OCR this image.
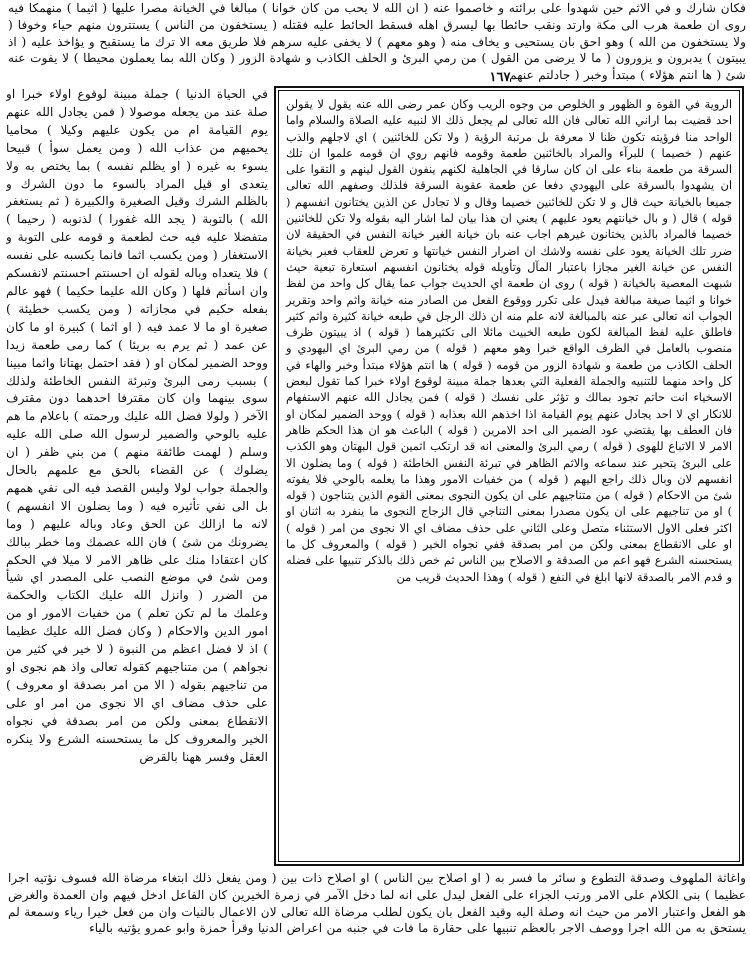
فكان شارك و في الاثم حين شهدوا على برائته و خاصموا عنه ( ان الله لا يحب من كان خوانا ) مبالغا في الخيانة مصرا عليها ( اثيما ) منهمكا فيه روى ان طعمة هرب الى مكة وارتد ونقب حائطا بها ليسرق اهله فسقط الحائط عليه فقتله ( يستخفون من الناس ) يستترون منهم حياء وخوفا ( ولا يستخفون من الله ) وهو احق بان يستحيى و يخاف منه ( وهو معهم ) لا يخفى عليه سرهم فلا طريق معه الا ترك ما يستقبح و يؤاخذ عليه ( اذ يبيتون ) يدبرون و يزورون ( ما لا يرضى من القول ) من رمي البرئ و الحلف الكاذب و شهادة الزور ( وكان الله بما يعملون محيطا ) لا يفوت عنه شئ ( ها انتم هؤلاء ) مبتدأ وخبر ( جادلتم عنهم

١٦٧

في الحياة الدنيا ) جملة مبينة لوقوع اولاء خبرا او صلة عند من يجعله موصولا ( فمن يجادل الله عنهم يوم القيامة ام من يكون عليهم وكيلا ) محاميا يحميهم من عذاب الله ( ومن يعمل سوأ ) قبيحا يسوء به غيره ( او يظلم نفسه ) بما يختص به ولا يتعدى او قيل المراد بالسوء ما دون الشرك و بالظلم الشرك وقيل الصغيرة والكبيرة ( ثم يستغفر الله ) بالتوبة ( يجد الله غفورا ) لذنوبه ( رحيما ) متفضلا عليه فيه حث لطعمة و قومه على التوبة و الاستغفار ( ومن يكسب اثما فانما يكسبه على نفسه ) فلا يتعداه وباله لقوله ان احسنتم احسنتم لانفسكم وان اسأتم فلها ( وكان الله عليما حكيما ) فهو عالم بفعله حكيم في مجازاته ( ومن يكسب خطيئة ) صغيرة او ما لا عمد فيه ( او اثما ) كبيرة او ما كان عن عمد ( ثم يرم به بريئا ) كما رمى طعمة زيدا ووحد الضمير لمكان او ( فقد احتمل بهتانا واثما مبينا ) بسبب رمى البرئ وتبرئة النفس الخاطئة ولذلك سوى بينهما وان كان مقترفا احدهما دون مقترف الآخر ( ولولا فضل الله عليك ورحمته ) باعلام ما هم عليه بالوحي والضمير لرسول الله صلى الله عليه وسلم ( لهمت طائفة منهم ) من بني ظفر ( ان يضلوك ) عن القضاء بالحق مع علمهم بالحال والجملة جواب لولا وليس القصد فيه الى نفي همهم بل الى نفي تأثيره فيه ( وما يضلون الا انفسهم ) لانه ما ازالك عن الحق وعاد وباله عليهم ( وما يضرونك من شئ ) فان الله عصمك وما خطر ببالك كان اعتقادا منك على ظاهر الامر لا ميلا في الحكم ومن شئ في موضع النصب على المصدر اي شيأ من الضرر ( وانزل الله عليك الكتاب والحكمة وعلمك ما لم تكن تعلم ) من خفيات الامور او من امور الدين والاحكام ( وكان فضل الله عليك عظيما ) اذ لا فضل اعظم من النبوة ( لا خير في كثير من نجواهم ) من متناجيهم كقوله تعالى واذ هم نجوى او من تناجيهم بقوله ( الا من امر بصدقة او معروف ) على حذف مضاف اي الا نجوى من امر او على الانقطاع بمعنى ولكن من امر بصدقة في نجواه الخير والمعروف كل ما يستحسنه الشرع ولا ينكره العقل وفسر ههنا بالقرض

الروية في القوة و الظهور و الخلوص من وجوه الريب وكان عمر رضى الله عنه يقول لا يقولن احد قضيت بما اراني الله تعالى فان الله تعالى لم يجعل ذلك الا لنبيه عليه الصلاة والسلام واما الواحد منا فرؤيته تكون ظنا لا معرفة بل مرتبة الرؤية ( ولا تكن للخائنين ) اي لاجلهم والذب عنهم ( خصيما ) للبرآء والمراد بالخائنين طعمة وقومه فانهم روي ان قومه علموا ان تلك السرقة من طعمة بناء على ان كان سارقا في الجاهلية لكنهم ينفون القول لينهم و التقوا على ان يشهدوا بالسرقة على اليهودي دفعا عن طعمة عقوبة السرقة فلذلك وصفهم الله تعالى جميعا بالخيانة حيث قال و لا تكن للخائنين خصيما وقال و لا تجادل عن الذين يختانون انفسهم ( قوله ) قال ( و بال خيانتهم يعود عليهم ) يعني ان هذا بيان لما اشار اليه بقوله ولا تكن للخائنين خصيما فالمراد بالذين يختانون غيرهم اجاب عنه بان خيانة الغير خيانة النفس في الحقيقة لان ضرر تلك الخيانة يعود على نفسه ولاشك ان اضرار النفس خيانتها و تعرض للعقاب فعبر بخيانة النفس عن خيانة الغير مجازا باعتبار المآل وتأويله قوله يختانون انفسهم استعارة تبعية حيث شبهت المعصية بالخيانة ( قوله ) روى ان طعمة اي الحديث جواب عما يقال كل واحد من لفظ خوانا و اثيما صيغة مبالغة فيدل على تكرر ووقوع الفعل من الصادر منه خيانة واثم واحد وتقرير الجواب انه تعالى عبر عنه بالمبالغة لانه علم منه ان ذلك الرجل في طبعه خيانة كثيرة واثم كثير فاطلق عليه لفظ المبالغة لكون طبعه الخبيث مائلا الى تكثيرهما ( قوله ) اذ يبيتون ظرف منصوب بالعامل في الظرف الواقع خبرا وهو معهم ( قوله ) من رمي البرئ اي اليهودي و الحلف الكاذب من طعمة و شهادة الزور من قومه ( قوله ) ها انتم هؤلاء مبتدأ وخبر والهاء في كل واحد منهما للتنبيه والجملة الفعلية التي بعدها جملة مبينة لوقوع اولاء خبرا كما تقول لبعض الاسخياء انت حاتم تجود بمالك و تؤثر على نفسك ( قوله ) فمن يجادل الله عنهم الاستفهام للانكار اي لا احد يجادل عنهم يوم القيامة اذا اخذهم الله بعذابه ( قوله ) ووحد الضمير لمكان او فان العطف بها يقتضي عود الضمير الى احد الامرين ( قوله ) الباعث هو ان هذا الحكم ظاهر الامر لا الاتباع للهوى ( قوله ) رمي البرئ والمعنى انه قد ارتكب اثمين قول البهتان وهو الكذب على البرئ يتحير عند سماعه والاثم الظاهر في تبرئة النفس الخاطئة ( قوله ) وما يضلون الا انفسهم لان وبال ذلك راجع اليهم ( قوله ) من خفيات الامور وهذا ما يعلمه بالوحي فلا يفوته شئ من الاحكام ( قوله ) من متناجيهم على ان يكون النجوى بمعنى القوم الذين يتناجون ( قوله ) او من تناجيهم على ان يكون مصدرا بمعنى التناجي قال الزجاج النجوى ما ينفرد به اثنان او اكثر فعلى الاول الاستثناء متصل وعلى الثاني على حذف مضاف اي الا نجوى من امر ( قوله ) او على الانقطاع بمعنى ولكن من امر بصدقة ففي نجواه الخير ( قوله ) والمعروف كل ما يستحسنه الشرع فهو اعم من الصدقة و الاصلاح بين الناس ثم خص ذلك بالذكر تنبيها على فضله و قدم الامر بالصدقة لانها ابلغ في النفع ( قوله ) وهذا الحديث قريب من

واغاثة الملهوف وصدقة التطوع و سائر ما فسر به ( او اصلاح بين الناس ) او اصلاح ذات بين ( ومن يفعل ذلك ابتغاء مرضاة الله فسوف نؤتيه اجرا عظيما ) بنى الكلام على الامر ورتب الجزاء على الفعل ليدل على انه لما دخل الآمر في زمرة الخيرين كان الفاعل ادخل فيهم وان العمدة والغرض هو الفعل واعتبار الامر من حيث انه وصلة اليه وقيد الفعل بان يكون لطلب مرضاة الله تعالى لان الاعمال بالنيات وان من فعل خيرا رياء وسمعة لم يستحق به من الله اجرا ووصف الاجر بالعظم تنبيها على حقارة ما فات في جنبه من اعراض الدنيا وقرأ حمزة وابو عمرو يؤتيه بالياء
